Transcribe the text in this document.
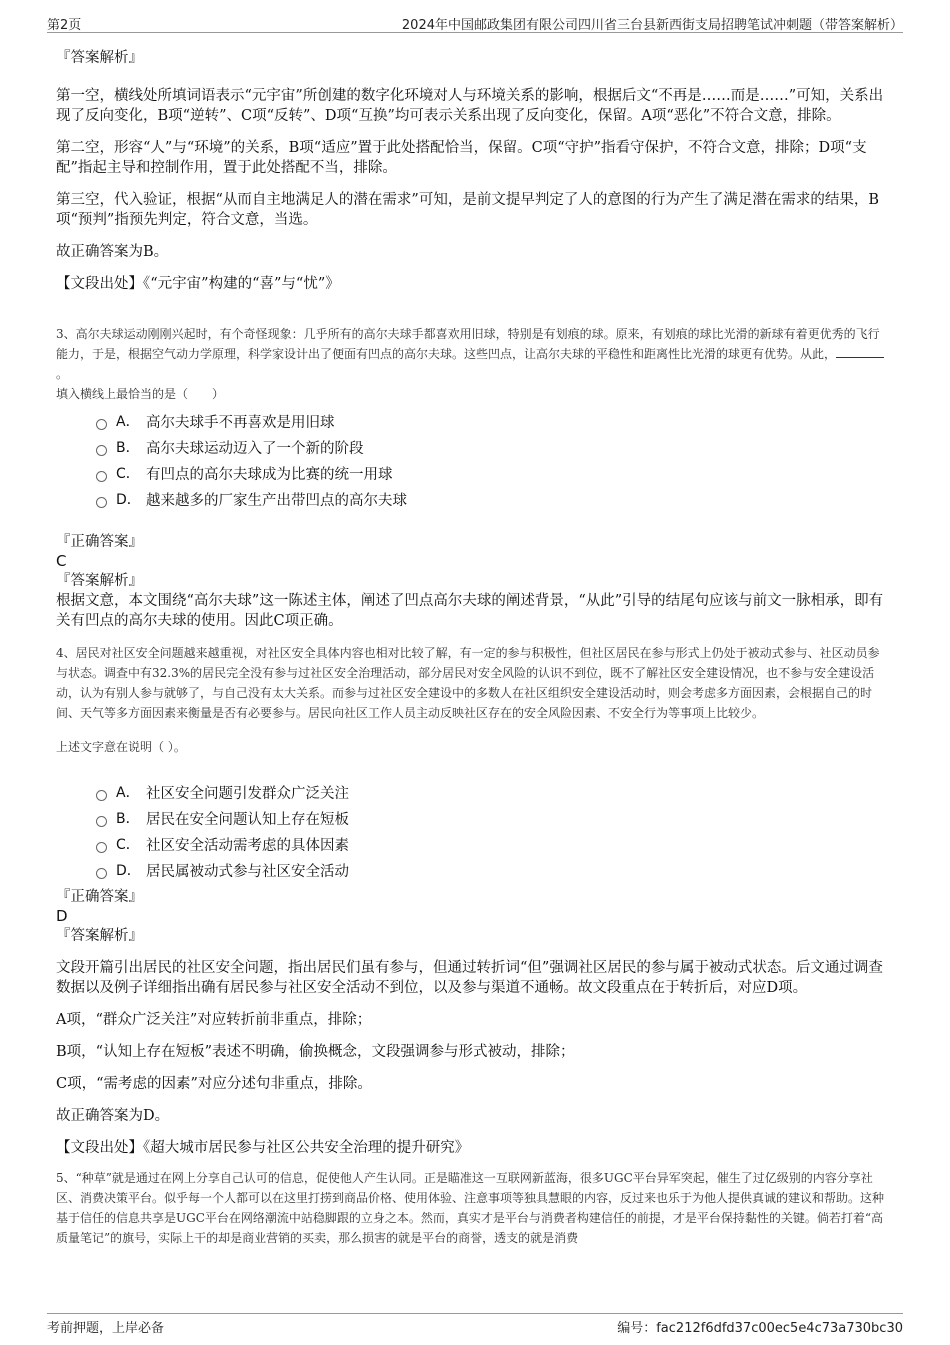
第2页	2024年中国邮政集团有限公司四川省三台县新西街支局招聘笔试冲刺题（带答案解析）

『答案解析』

第一空，横线处所填词语表示“元宇宙”所创建的数字化环境对人与环境关系的影响，根据后文“不再是……而是……”可知，关系出现了反向变化，B项“逆转”、C项“反转”、D项“互换”均可表示关系出现了反向变化，保留。A项“恶化”不符合文意，排除。

第二空，形容“人”与“环境”的关系，B项“适应”置于此处搭配恰当，保留。C项“守护”指看守保护，不符合文意，排除；D项“支配”指起主导和控制作用，置于此处搭配不当，排除。

第三空，代入验证，根据“从而自主地满足人的潜在需求”可知，是前文提早判定了人的意图的行为产生了满足潜在需求的结果，B项“预判”指预先判定，符合文意，当选。

故正确答案为B。

【文段出处】《“元宇宙”构建的“喜”与“忧”》

3、高尔夫球运动刚刚兴起时，有个奇怪现象：几乎所有的高尔夫球手都喜欢用旧球，特别是有划痕的球。原来，有划痕的球比光滑的新球有着更优秀的飞行能力，于是，根据空气动力学原理，科学家设计出了便面有凹点的高尔夫球。这些凹点，让高尔夫球的平稳性和距离性比光滑的球更有优势。从此，。

填入横线上最恰当的是（　　）

A． 高尔夫球手不再喜欢是用旧球
B． 高尔夫球运动迈入了一个新的阶段
C． 有凹点的高尔夫球成为比赛的统一用球
D． 越来越多的厂家生产出带凹点的高尔夫球

『正确答案』

C

『答案解析』

根据文意，本文围绕“高尔夫球”这一陈述主体，阐述了凹点高尔夫球的阐述背景，“从此”引导的结尾句应该与前文一脉相承，即有关有凹点的高尔夫球的使用。因此C项正确。

4、居民对社区安全问题越来越重视，对社区安全具体内容也相对比较了解，有一定的参与积极性，但社区居民在参与形式上仍处于被动式参与、社区动员参与状态。调查中有32.3%的居民完全没有参与过社区安全治理活动，部分居民对安全风险的认识不到位，既不了解社区安全建设情况，也不参与安全建设活动，认为有别人参与就够了，与自己没有太大关系。而参与过社区安全建设中的多数人在社区组织安全建设活动时，则会考虑多方面因素，会根据自己的时间、天气等多方面因素来衡量是否有必要参与。居民向社区工作人员主动反映社区存在的安全风险因素、不安全行为等事项上比较少。

上述文字意在说明（ ）。

A． 社区安全问题引发群众广泛关注
B． 居民在安全问题认知上存在短板
C． 社区安全活动需考虑的具体因素
D． 居民属被动式参与社区安全活动

『正确答案』

D

『答案解析』

文段开篇引出居民的社区安全问题，指出居民们虽有参与，但通过转折词“但”强调社区居民的参与属于被动式状态。后文通过调查数据以及例子详细指出确有居民参与社区安全活动不到位，以及参与渠道不通畅。故文段重点在于转折后，对应D项。

A项，“群众广泛关注”对应转折前非重点，排除；

B项，“认知上存在短板”表述不明确，偷换概念，文段强调参与形式被动，排除；

C项，“需考虑的因素”对应分述句非重点，排除。

故正确答案为D。

【文段出处】《超大城市居民参与社区公共安全治理的提升研究》

5、“种草”就是通过在网上分享自己认可的信息，促使他人产生认同。正是瞄准这一互联网新蓝海，很多UGC平台异军突起，催生了过亿级别的内容分享社区、消费决策平台。似乎每一个人都可以在这里打捞到商品价格、使用体验、注意事项等独具慧眼的内容，反过来也乐于为他人提供真诚的建议和帮助。这种基于信任的信息共享是UGC平台在网络潮流中站稳脚跟的立身之本。然而，真实才是平台与消费者构建信任的前提，才是平台保持黏性的关键。倘若打着“高质量笔记”的旗号，实际上干的却是商业营销的买卖，那么损害的就是平台的商誉，透支的就是消费

考前押题，上岸必备	编号：fac212f6dfd37c00ec5e4c73a730bc30
